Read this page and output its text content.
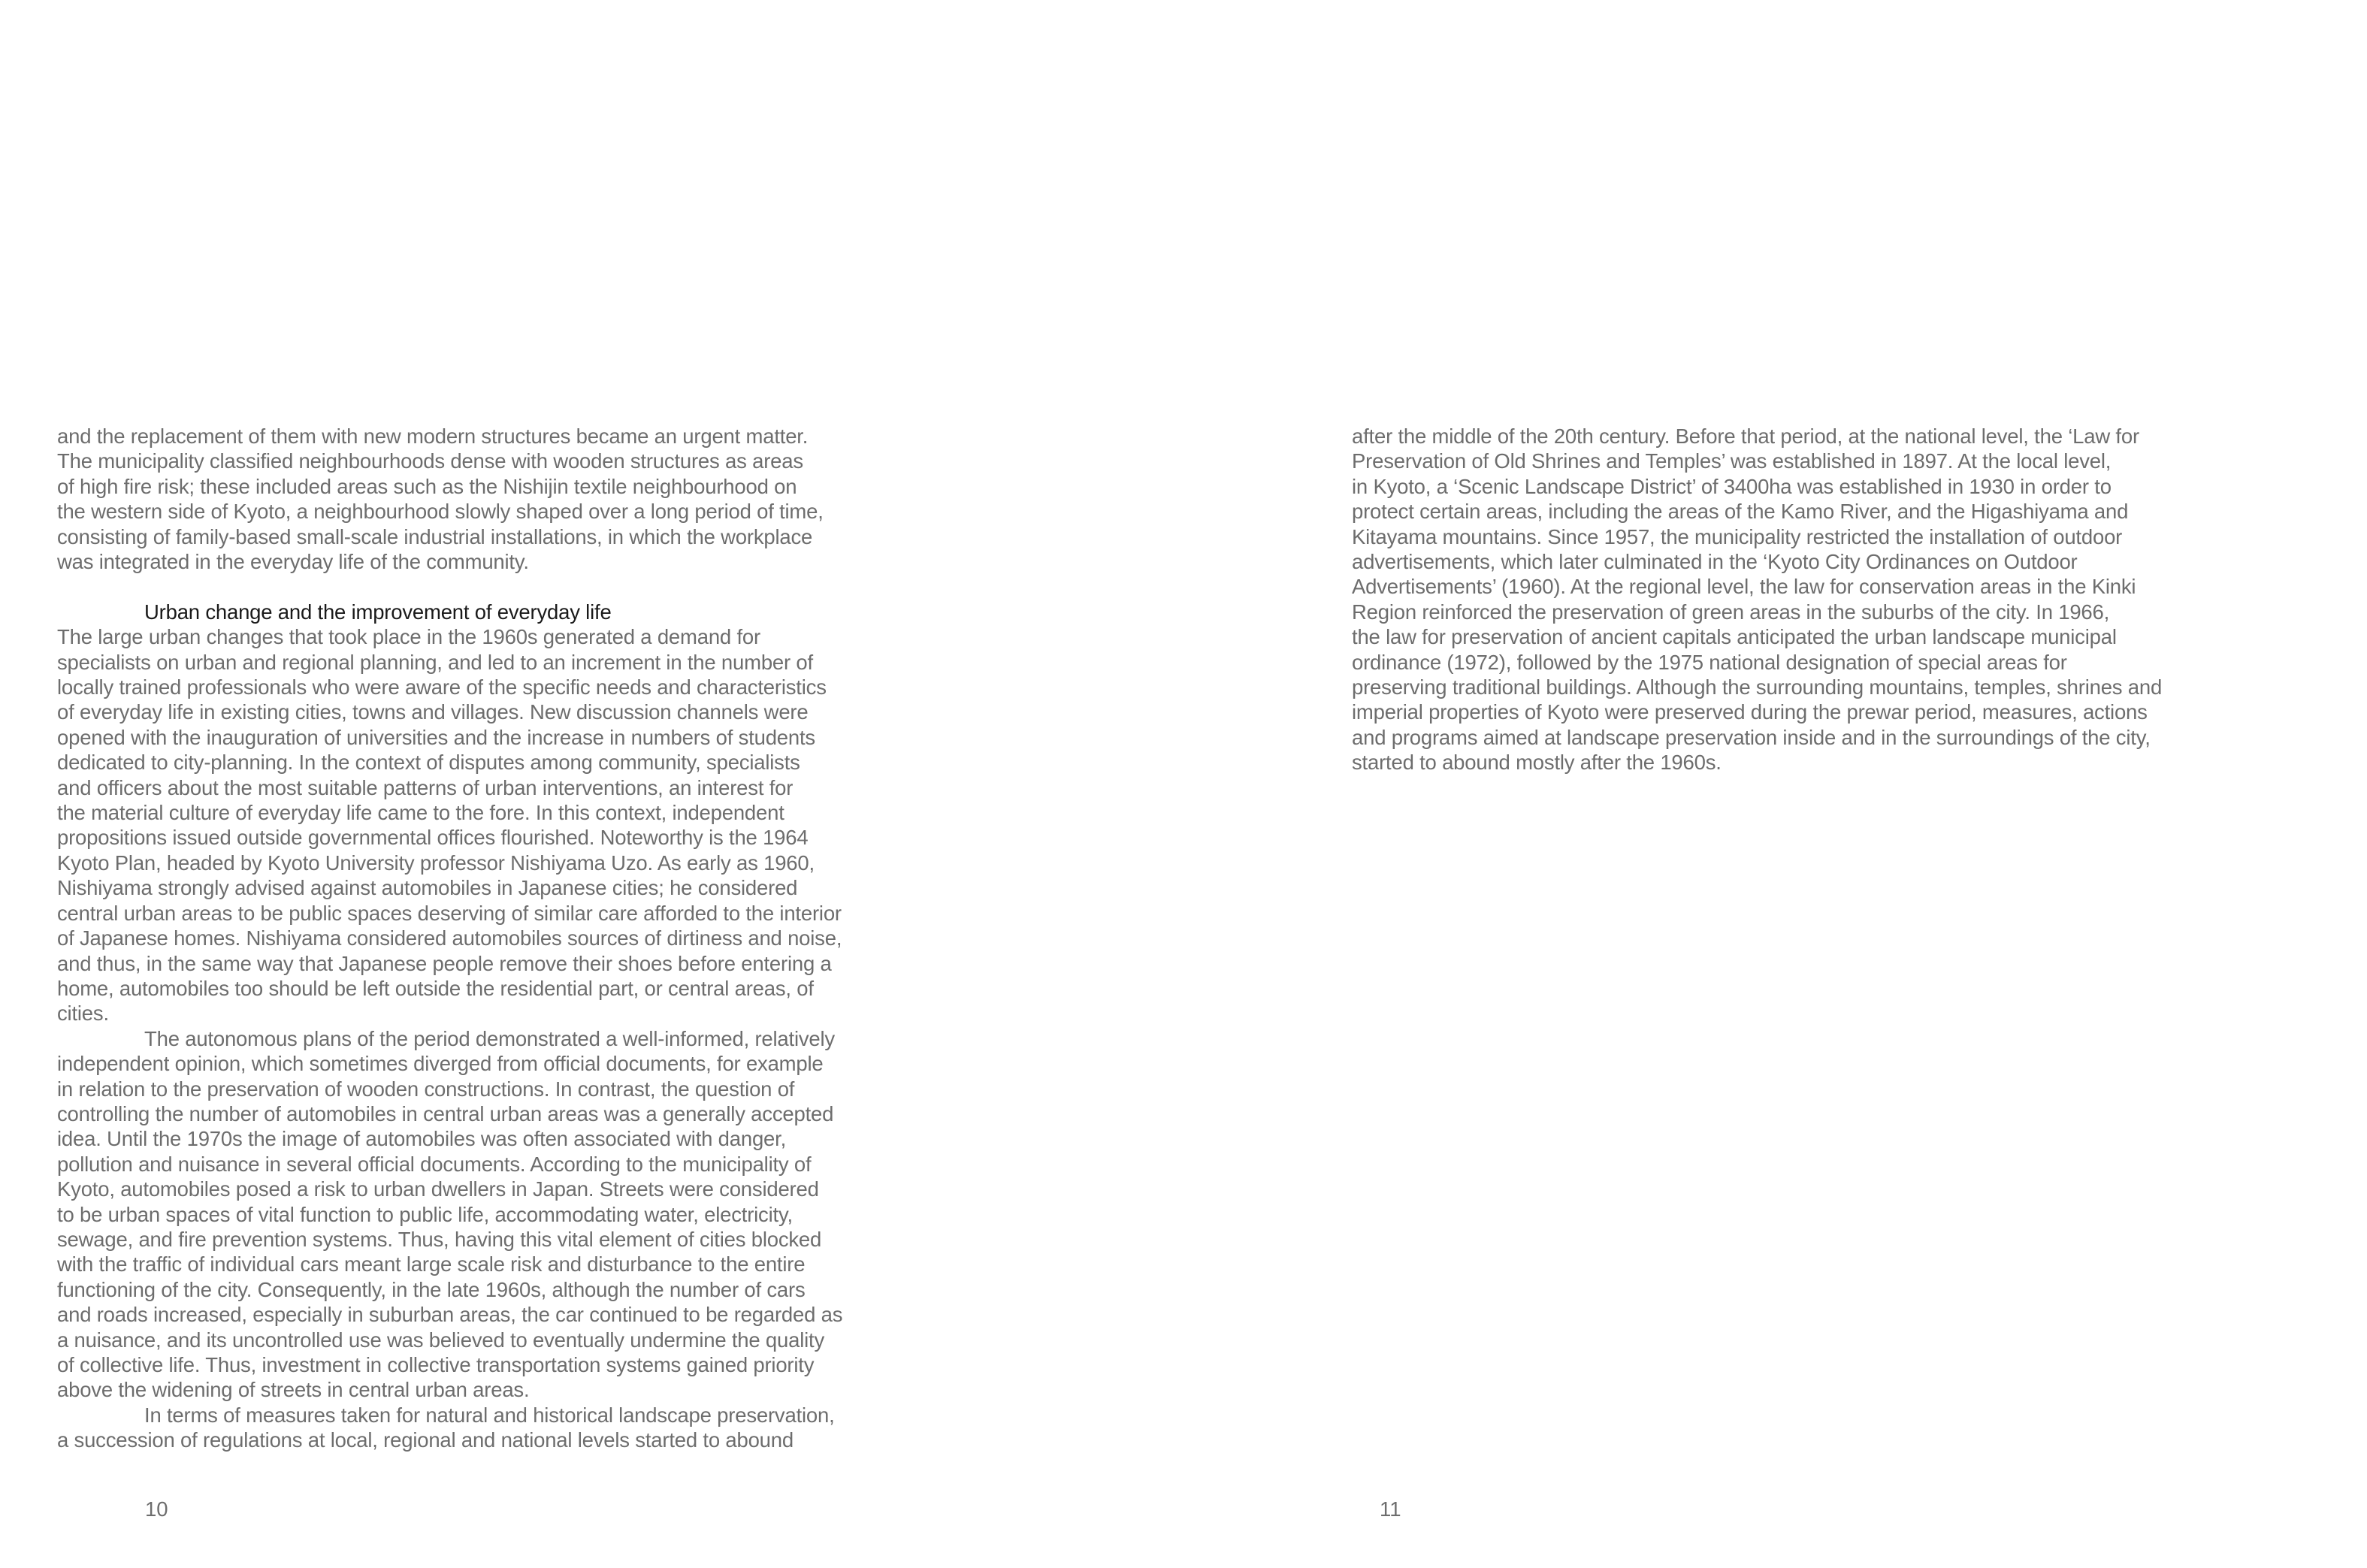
and the replacement of them with new modern structures became an urgent matter.
The municipality classified neighbourhoods dense with wooden structures as areas
of high fire risk; these included areas such as the Nishijin textile neighbourhood on
the western side of Kyoto, a neighbourhood slowly shaped over a long period of time,
consisting of family-based small-scale industrial installations, in which the workplace
was integrated in the everyday life of the community.
Urban change and the improvement of everyday life
The large urban changes that took place in the 1960s generated a demand for
specialists on urban and regional planning, and led to an increment in the number of
locally trained professionals who were aware of the specific needs and characteristics
of everyday life in existing cities, towns and villages. New discussion channels were
opened with the inauguration of universities and the increase in numbers of students
dedicated to city-planning. In the context of disputes among community, specialists
and officers about the most suitable patterns of urban interventions, an interest for
the material culture of everyday life came to the fore. In this context, independent
propositions issued outside governmental offices flourished. Noteworthy is the 1964
Kyoto Plan, headed by Kyoto University professor Nishiyama Uzo. As early as 1960,
Nishiyama strongly advised against automobiles in Japanese cities; he considered
central urban areas to be public spaces deserving of similar care afforded to the interior
of Japanese homes. Nishiyama considered automobiles sources of dirtiness and noise,
and thus, in the same way that Japanese people remove their shoes before entering a
home, automobiles too should be left outside the residential part, or central areas, of
cities.
The autonomous plans of the period demonstrated a well-informed, relatively
independent opinion, which sometimes diverged from official documents, for example
in relation to the preservation of wooden constructions. In contrast, the question of
controlling the number of automobiles in central urban areas was a generally accepted
idea. Until the 1970s the image of automobiles was often associated with danger,
pollution and nuisance in several official documents. According to the municipality of
Kyoto, automobiles posed a risk to urban dwellers in Japan. Streets were considered
to be urban spaces of vital function to public life, accommodating water, electricity,
sewage, and fire prevention systems. Thus, having this vital element of cities blocked
with the traffic of individual cars meant large scale risk and disturbance to the entire
functioning of the city. Consequently, in the late 1960s, although the number of cars
and roads increased, especially in suburban areas, the car continued to be regarded as
a nuisance, and its uncontrolled use was believed to eventually undermine the quality
of collective life. Thus, investment in collective transportation systems gained priority
above the widening of streets in central urban areas.
In terms of measures taken for natural and historical landscape preservation,
a succession of regulations at local, regional and national levels started to abound
10
after the middle of the 20th century. Before that period, at the national level, the ‘Law for
Preservation of Old Shrines and Temples’ was established in 1897. At the local level,
in Kyoto, a ‘Scenic Landscape District’ of 3400ha was established in 1930 in order to
protect certain areas, including the areas of the Kamo River, and the Higashiyama and
Kitayama mountains. Since 1957, the municipality restricted the installation of outdoor
advertisements, which later culminated in the ‘Kyoto City Ordinances on Outdoor
Advertisements’ (1960). At the regional level, the law for conservation areas in the Kinki
Region reinforced the preservation of green areas in the suburbs of the city. In 1966,
the law for preservation of ancient capitals anticipated the urban landscape municipal
ordinance (1972), followed by the 1975 national designation of special areas for
preserving traditional buildings. Although the surrounding mountains, temples, shrines and
imperial properties of Kyoto were preserved during the prewar period, measures, actions
and programs aimed at landscape preservation inside and in the surroundings of the city,
started to abound mostly after the 1960s.
11
